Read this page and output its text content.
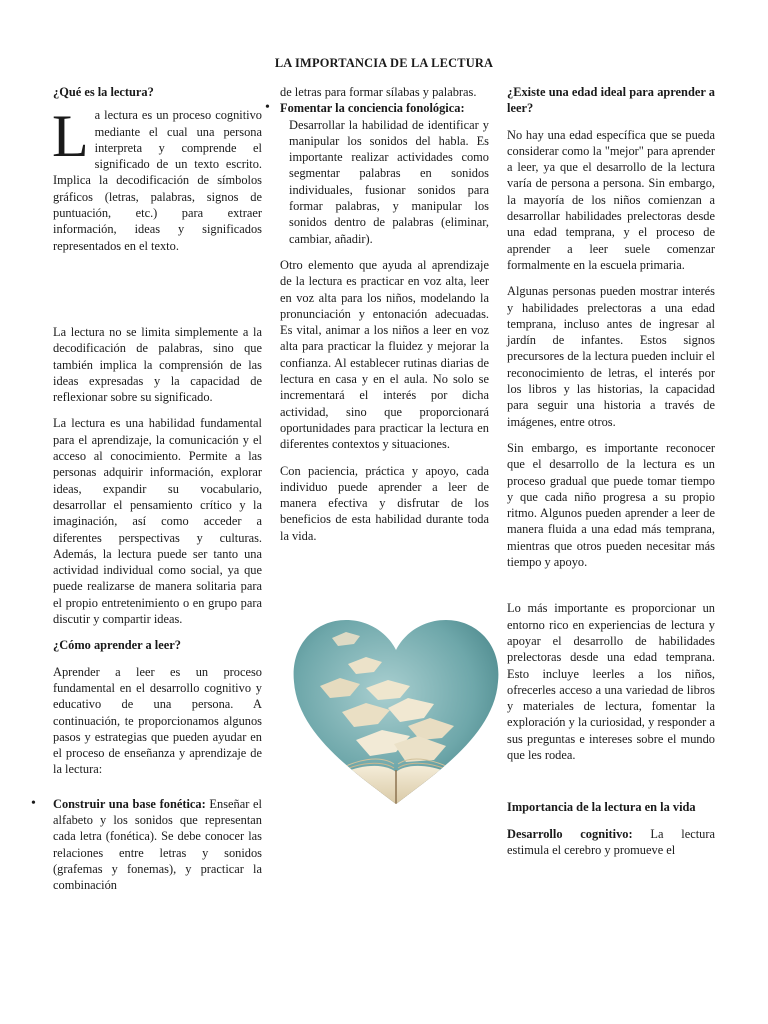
LA IMPORTANCIA DE LA LECTURA

¿Qué es la lectura?

L a lectura es un proceso cognitivo mediante el cual una persona interpreta y comprende el significado de un texto escrito. Implica la decodificación de símbolos gráficos (letras, palabras, signos de puntuación, etc.) para extraer información, ideas y significados representados en el texto.

La lectura no se limita simplemente a la decodificación de palabras, sino que también implica la comprensión de las ideas expresadas y la capacidad de reflexionar sobre su significado.

La lectura es una habilidad fundamental para el aprendizaje, la comunicación y el acceso al conocimiento. Permite a las personas adquirir información, explorar ideas, expandir su vocabulario, desarrollar el pensamiento crítico y la imaginación, así como acceder a diferentes perspectivas y culturas. Además, la lectura puede ser tanto una actividad individual como social, ya que puede realizarse de manera solitaria para el propio entretenimiento o en grupo para discutir y compartir ideas.

¿Cómo aprender a leer?

Aprender a leer es un proceso fundamental en el desarrollo cognitivo y educativo de una persona. A continuación, te proporcionamos algunos pasos y estrategias que pueden ayudar en el proceso de enseñanza y aprendizaje de la lectura:

• Construir una base fonética: Enseñar el alfabeto y los sonidos que representan cada letra (fonética). Se debe conocer las relaciones entre letras y sonidos (grafemas y fonemas), y practicar la combinación

de letras para formar sílabas y palabras.

• Fomentar la conciencia fonológica:

Desarrollar la habilidad de identificar y manipular los sonidos del habla. Es importante realizar actividades como segmentar palabras en sonidos individuales, fusionar sonidos para formar palabras, y manipular los sonidos dentro de palabras (eliminar, cambiar, añadir).

Otro elemento que ayuda al aprendizaje de la lectura es practicar en voz alta, leer en voz alta para los niños, modelando la pronunciación y entonación adecuadas. Es vital, animar a los niños a leer en voz alta para practicar la fluidez y mejorar la confianza. Al establecer rutinas diarias de lectura en casa y en el aula. No solo se incrementará el interés por dicha actividad, sino que proporcionará oportunidades para practicar la lectura en diferentes contextos y situaciones.

Con paciencia, práctica y apoyo, cada individuo puede aprender a leer de manera efectiva y disfrutar de los beneficios de esta habilidad durante toda la vida.

¿Existe una edad ideal para aprender a leer?

No hay una edad específica que se pueda considerar como la "mejor" para aprender a leer, ya que el desarrollo de la lectura varía de persona a persona. Sin embargo, la mayoría de los niños comienzan a desarrollar habilidades prelectoras desde una edad temprana, y el proceso de aprender a leer suele comenzar formalmente en la escuela primaria.

Algunas personas pueden mostrar interés y habilidades prelectoras a una edad temprana, incluso antes de ingresar al jardín de infantes. Estos signos precursores de la lectura pueden incluir el reconocimiento de letras, el interés por los libros y las historias, la capacidad para seguir una historia a través de imágenes, entre otros.

Sin embargo, es importante reconocer que el desarrollo de la lectura es un proceso gradual que puede tomar tiempo y que cada niño progresa a su propio ritmo. Algunos pueden aprender a leer de manera fluida a una edad más temprana, mientras que otros pueden necesitar más tiempo y apoyo.

Lo más importante es proporcionar un entorno rico en experiencias de lectura y apoyar el desarrollo de habilidades prelectoras desde una edad temprana. Esto incluye leerles a los niños, ofrecerles acceso a una variedad de libros y materiales de lectura, fomentar la exploración y la curiosidad, y responder a sus preguntas e intereses sobre el mundo que les rodea.

Importancia de la lectura en la vida

Desarrollo cognitivo: La lectura estimula el cerebro y promueve el
